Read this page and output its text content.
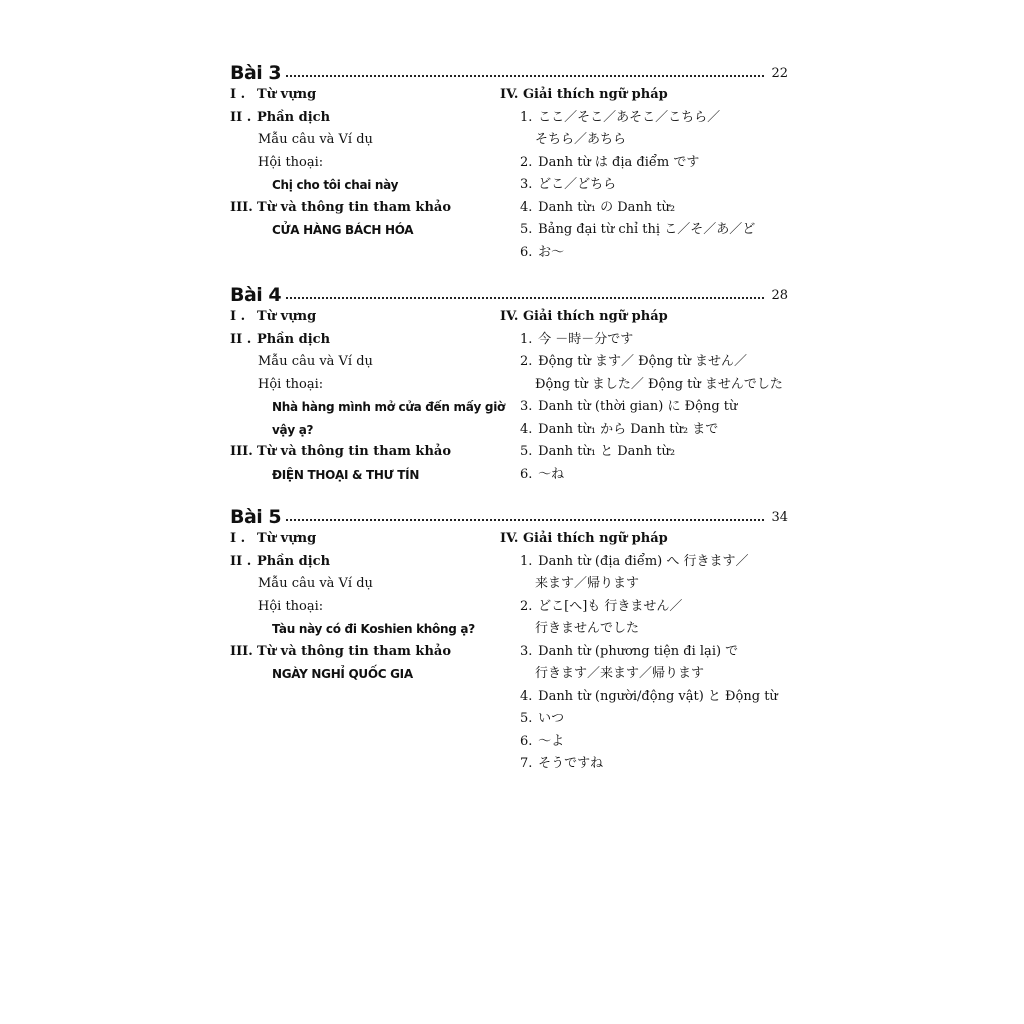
Bài 3	22
I . Từ vựng
II . Phần dịch
Mẫu câu và Ví dụ
Hội thoại:
Chị cho tôi chai này
III. Từ và thông tin tham khảo
CỬA HÀNG BÁCH HÓA
IV. Giải thích ngữ pháp
1. ここ／そこ／あそこ／こちら／
そちら／あちら
2. Danh từ は địa điểm です
3. どこ／どちら
4. Danh từ₁ の Danh từ₂
5. Bảng đại từ chỉ thị こ／そ／あ／ど
6. お～
Bài 4	28
I . Từ vựng
II . Phần dịch
Mẫu câu và Ví dụ
Hội thoại:
Nhà hàng mình mở cửa đến mấy giờ
vậy ạ?
III. Từ và thông tin tham khảo
ĐIỆN THOẠI & THƯ TÍN
IV. Giải thích ngữ pháp
1. 今 －時－分です
2. Động từ ます／ Động từ ません／
Động từ ました／ Động từ ませんでした
3. Danh từ (thời gian) に Động từ
4. Danh từ₁ から Danh từ₂ まで
5. Danh từ₁ と Danh từ₂
6. ～ね
Bài 5	34
I . Từ vựng
II . Phần dịch
Mẫu câu và Ví dụ
Hội thoại:
Tàu này có đi Koshien không ạ?
III. Từ và thông tin tham khảo
NGÀY NGHỈ QUỐC GIA
IV. Giải thích ngữ pháp
1. Danh từ (địa điểm) へ 行きます／
来ます／帰ります
2. どこ[へ]も 行きません／
行きませんでした
3. Danh từ (phương tiện đi lại) で
行きます／来ます／帰ります
4. Danh từ (người/động vật) と Động từ
5. いつ
6. ～よ
7. そうですね
